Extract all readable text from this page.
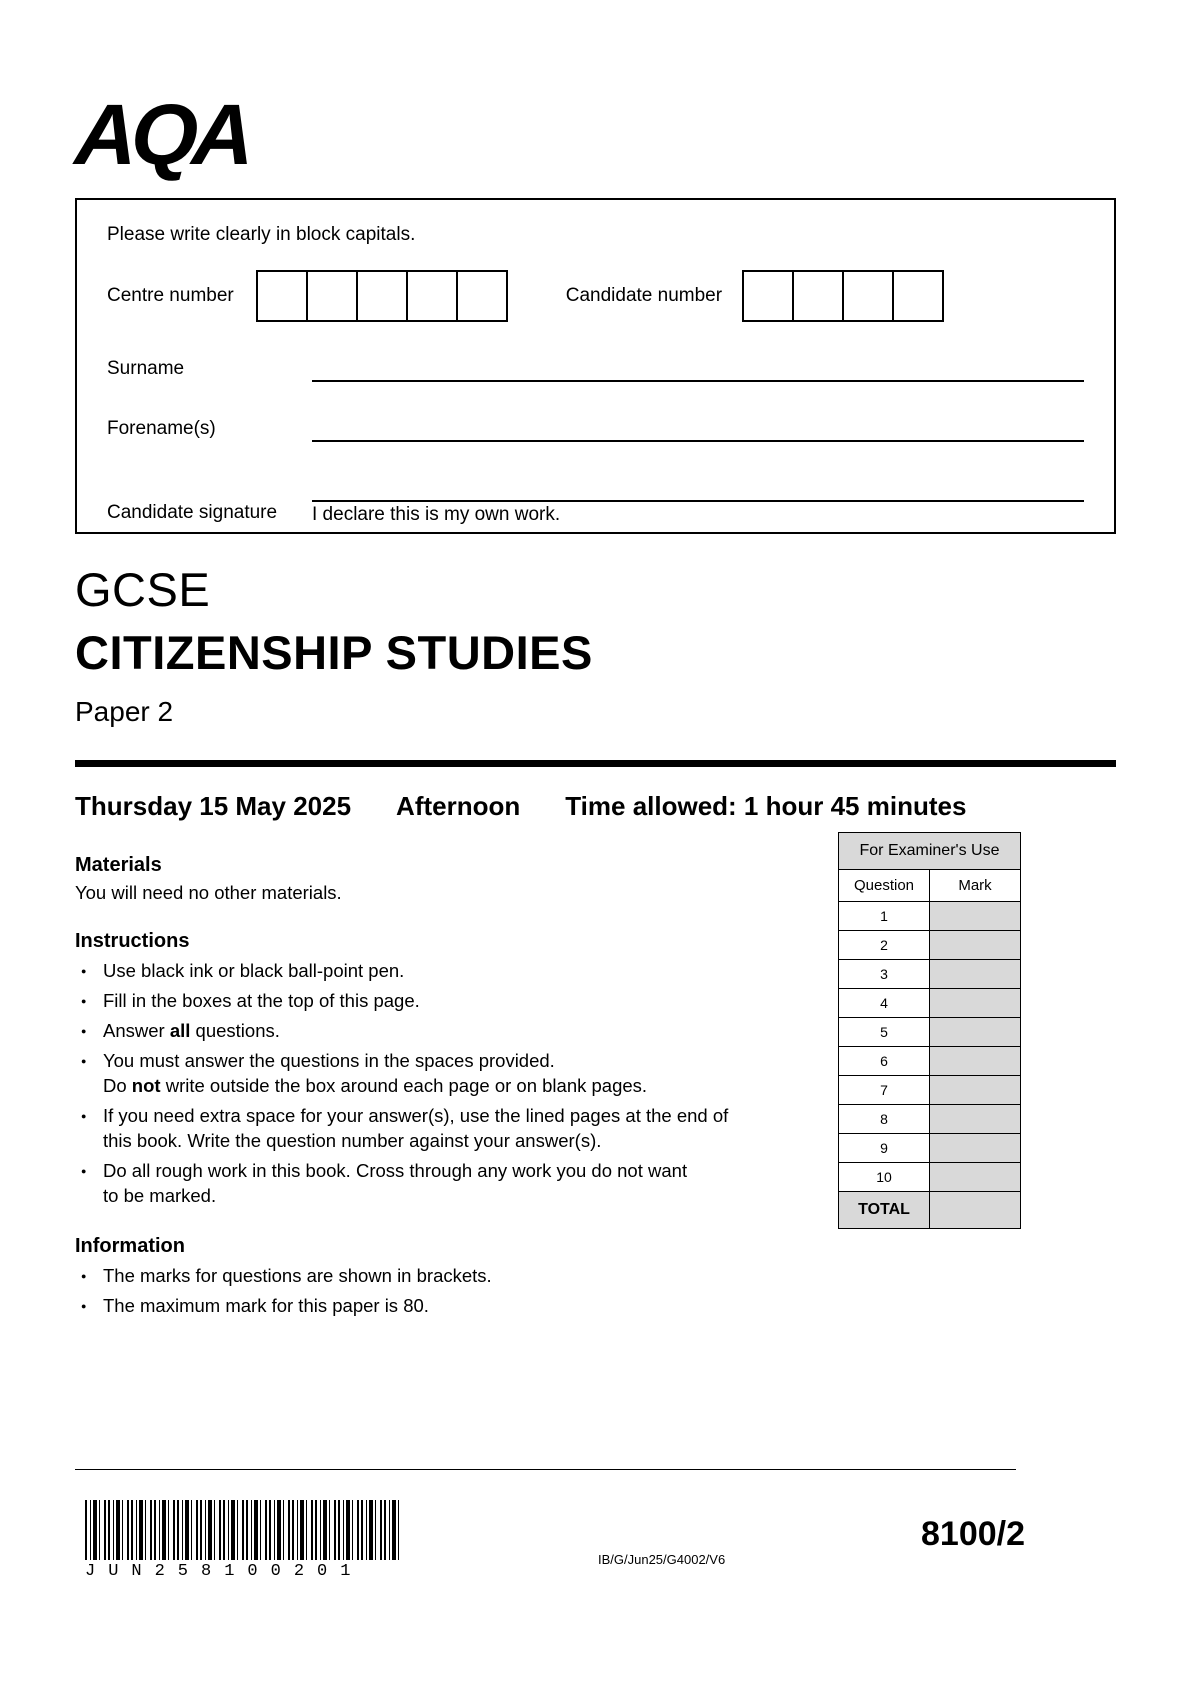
AQA
Please write clearly in block capitals.
Centre number	Candidate number
Surname
Forename(s)
Candidate signature	I declare this is my own work.
GCSE
CITIZENSHIP STUDIES
Paper 2
Thursday 15 May 2025 Afternoon Time allowed: 1 hour 45 minutes
Materials
You will need no other materials.
Instructions
● Use black ink or black ball-point pen.
● Fill in the boxes at the top of this page.
● Answer all questions.
● You must answer the questions in the spaces provided.
Do not write outside the box around each page or on blank pages.
● If you need extra space for your answer(s), use the lined pages at the end of
this book. Write the question number against your answer(s).
● Do all rough work in this book. Cross through any work you do not want
to be marked.
Information
● The marks for questions are shown in brackets.
● The maximum mark for this paper is 80.
For Examiner's Use
Question	Mark
1	
2	
3	
4	
5	
6	
7	
8	
9	
10	
TOTAL	
JUN258100201
IB/G/Jun25/G4002/V6
8100/2
